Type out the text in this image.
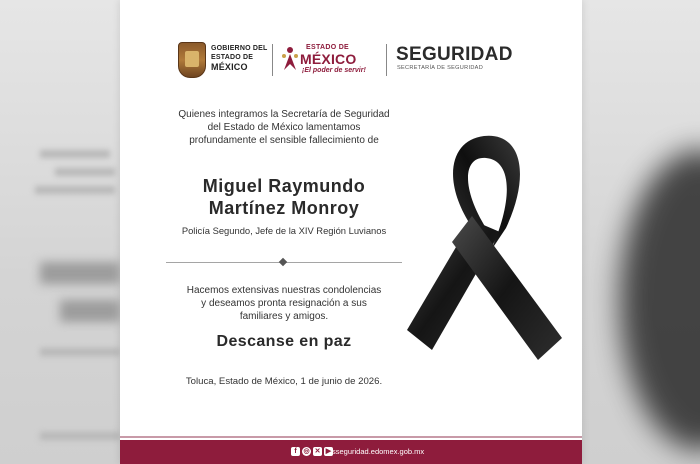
GOBIERNO DEL
ESTADO DE
MÉXICO
ESTADO DE
MÉXICO
¡El poder de servir!
SEGURIDAD
SECRETARÍA DE SEGURIDAD
Quienes integramos la Secretaría de Seguridad
del Estado de México lamentamos
profundamente el sensible fallecimiento de
Miguel Raymundo
Martínez Monroy
Policía Segundo, Jefe de la XIV Región Luvianos
Hacemos extensivas nuestras condolencias
y deseamos pronta resignación a sus
familiares y amigos.
Descanse en paz
Toluca, Estado de México, 1 de junio de 2026.
f ◎ ✕ ▶ sseguridad.edomex.gob.mx
